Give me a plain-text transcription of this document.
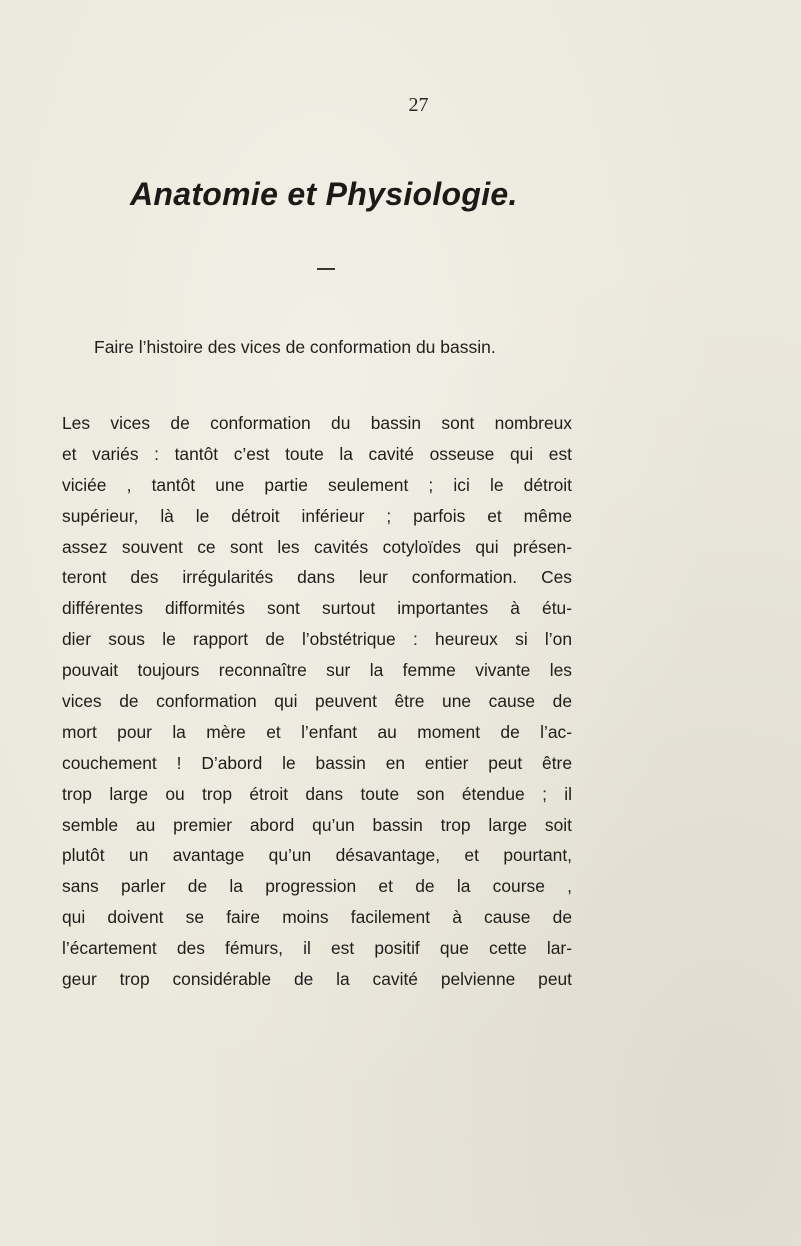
27
Anatomie et Physiologie.
Faire l’histoire des vices de conformation du bassin.
Les vices de conformation du bassin sont nombreux
et variés : tantôt c’est toute la cavité osseuse qui est
viciée , tantôt une partie seulement ; ici le détroit
supérieur, là le détroit inférieur ; parfois et même
assez souvent ce sont les cavités cotyloïdes qui présen-
teront des irrégularités dans leur conformation. Ces
différentes difformités sont surtout importantes à étu-
dier sous le rapport de l’obstétrique : heureux si l’on
pouvait toujours reconnaître sur la femme vivante les
vices de conformation qui peuvent être une cause de
mort pour la mère et l’enfant au moment de l’ac-
couchement ! D’abord le bassin en entier peut être
trop large ou trop étroit dans toute son étendue ; il
semble au premier abord qu’un bassin trop large soit
plutôt un avantage qu’un désavantage, et pourtant,
sans parler de la progression et de la course ,
qui doivent se faire moins facilement à cause de
l’écartement des fémurs, il est positif que cette lar-
geur trop considérable de la cavité pelvienne peut
